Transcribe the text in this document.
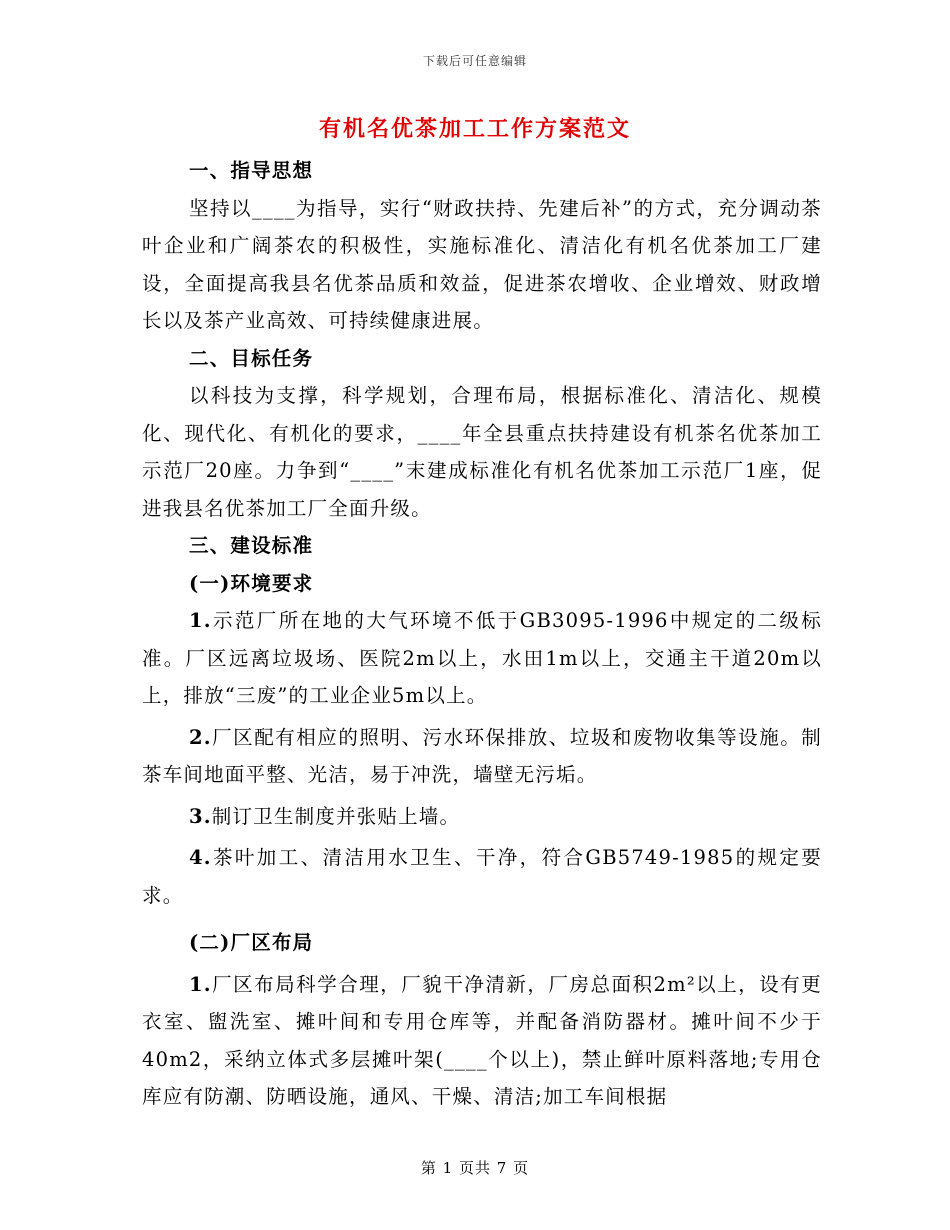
下载后可任意编辑
有机名优茶加工工作方案范文

一、指导思想

坚持以____为指导，实行“财政扶持、先建后补”的方式，充分调动茶叶企业和广阔茶农的积极性，实施标准化、清洁化有机名优茶加工厂建设，全面提高我县名优茶品质和效益，促进茶农增收、企业增效、财政增长以及茶产业高效、可持续健康进展。

二、目标任务

以科技为支撑，科学规划，合理布局，根据标准化、清洁化、规模化、现代化、有机化的要求，____年全县重点扶持建设有机茶名优茶加工示范厂20座。力争到“____”末建成标准化有机名优茶加工示范厂1座，促进我县名优茶加工厂全面升级。

三、建设标准

(一)环境要求

1.示范厂所在地的大气环境不低于GB3095-1996中规定的二级标准。厂区远离垃圾场、医院2m以上，水田1m以上，交通主干道20m以上，排放“三废”的工业企业5m以上。

2.厂区配有相应的照明、污水环保排放、垃圾和废物收集等设施。制茶车间地面平整、光洁，易于冲洗，墙壁无污垢。

3.制订卫生制度并张贴上墙。

4.茶叶加工、清洁用水卫生、干净，符合GB5749-1985的规定要求。

(二)厂区布局

1.厂区布局科学合理，厂貌干净清新，厂房总面积2m²以上，设有更衣室、盥洗室、摊叶间和专用仓库等，并配备消防器材。摊叶间不少于40m2，采纳立体式多层摊叶架(____个以上)，禁止鲜叶原料落地;专用仓库应有防潮、防晒设施，通风、干燥、清洁;加工车间根据

第 1 页共 7 页
